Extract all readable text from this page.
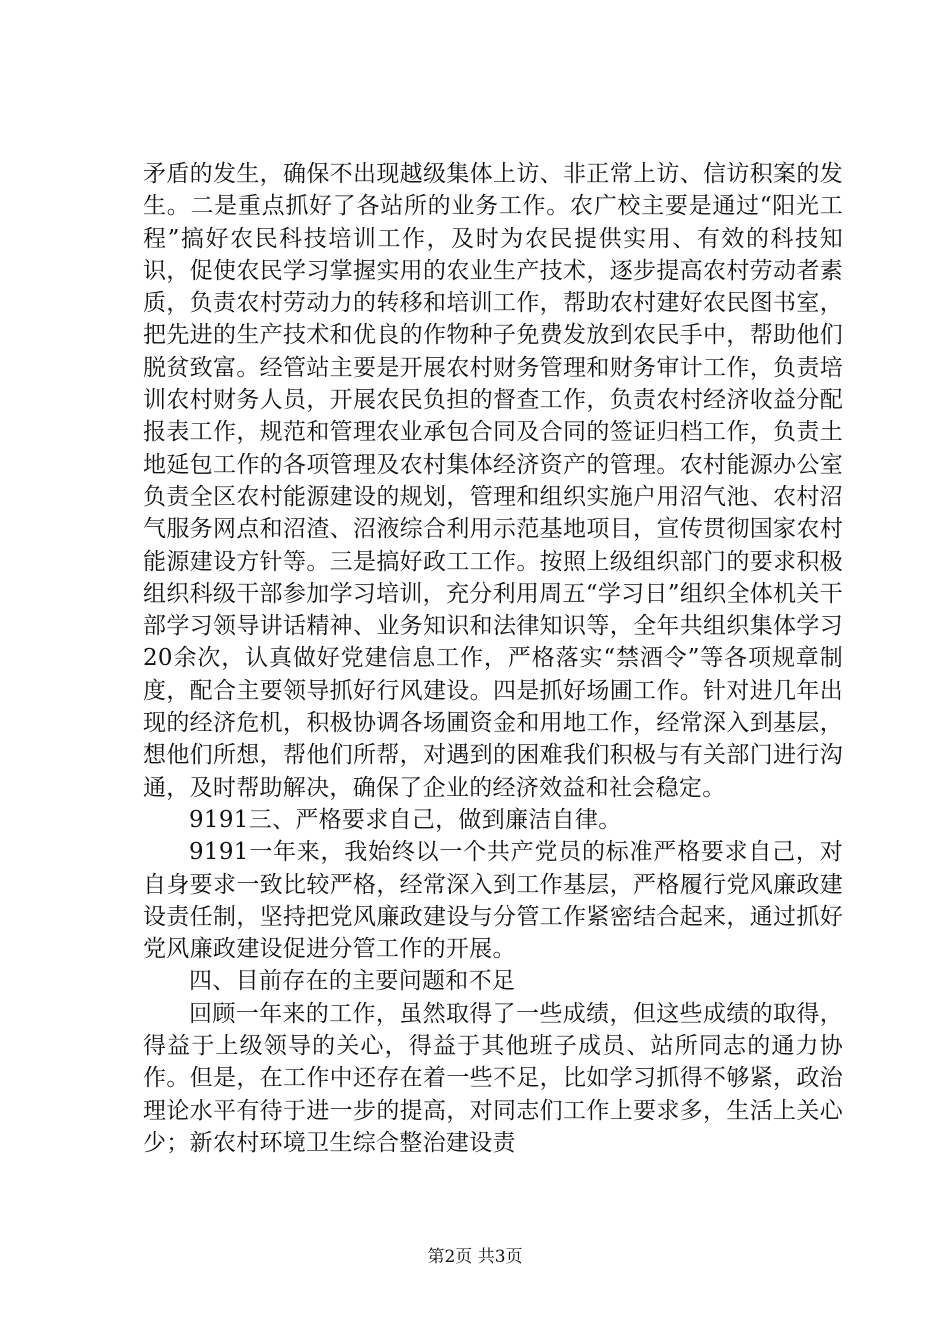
矛盾的发生，确保不出现越级集体上访、非正常上访、信访积案的发生。二是重点抓好了各站所的业务工作。农广校主要是通过“阳光工程”搞好农民科技培训工作，及时为农民提供实用、有效的科技知识，促使农民学习掌握实用的农业生产技术，逐步提高农村劳动者素质，负责农村劳动力的转移和培训工作，帮助农村建好农民图书室，把先进的生产技术和优良的作物种子免费发放到农民手中，帮助他们脱贫致富。经管站主要是开展农村财务管理和财务审计工作，负责培训农村财务人员，开展农民负担的督查工作，负责农村经济收益分配报表工作，规范和管理农业承包合同及合同的签证归档工作，负责土地延包工作的各项管理及农村集体经济资产的管理。农村能源办公室负责全区农村能源建设的规划，管理和组织实施户用沼气池、农村沼气服务网点和沼渣、沼液综合利用示范基地项目，宣传贯彻国家农村能源建设方针等。三是搞好政工工作。按照上级组织部门的要求积极组织科级干部参加学习培训，充分利用周五“学习日”组织全体机关干部学习领导讲话精神、业务知识和法律知识等，全年共组织集体学习20余次，认真做好党建信息工作，严格落实“禁酒令”等各项规章制度，配合主要领导抓好行风建设。四是抓好场圃工作。针对进几年出现的经济危机，积极协调各场圃资金和用地工作，经常深入到基层，想他们所想，帮他们所帮，对遇到的困难我们积极与有关部门进行沟通，及时帮助解决，确保了企业的经济效益和社会稳定。

9191三、严格要求自己，做到廉洁自律。

9191一年来，我始终以一个共产党员的标准严格要求自己，对自身要求一致比较严格，经常深入到工作基层，严格履行党风廉政建设责任制，坚持把党风廉政建设与分管工作紧密结合起来，通过抓好党风廉政建设促进分管工作的开展。

四、目前存在的主要问题和不足

回顾一年来的工作，虽然取得了一些成绩，但这些成绩的取得，得益于上级领导的关心，得益于其他班子成员、站所同志的通力协作。但是，在工作中还存在着一些不足，比如学习抓得不够紧，政治理论水平有待于进一步的提高，对同志们工作上要求多，生活上关心少；新农村环境卫生综合整治建设责

第2页 共3页
